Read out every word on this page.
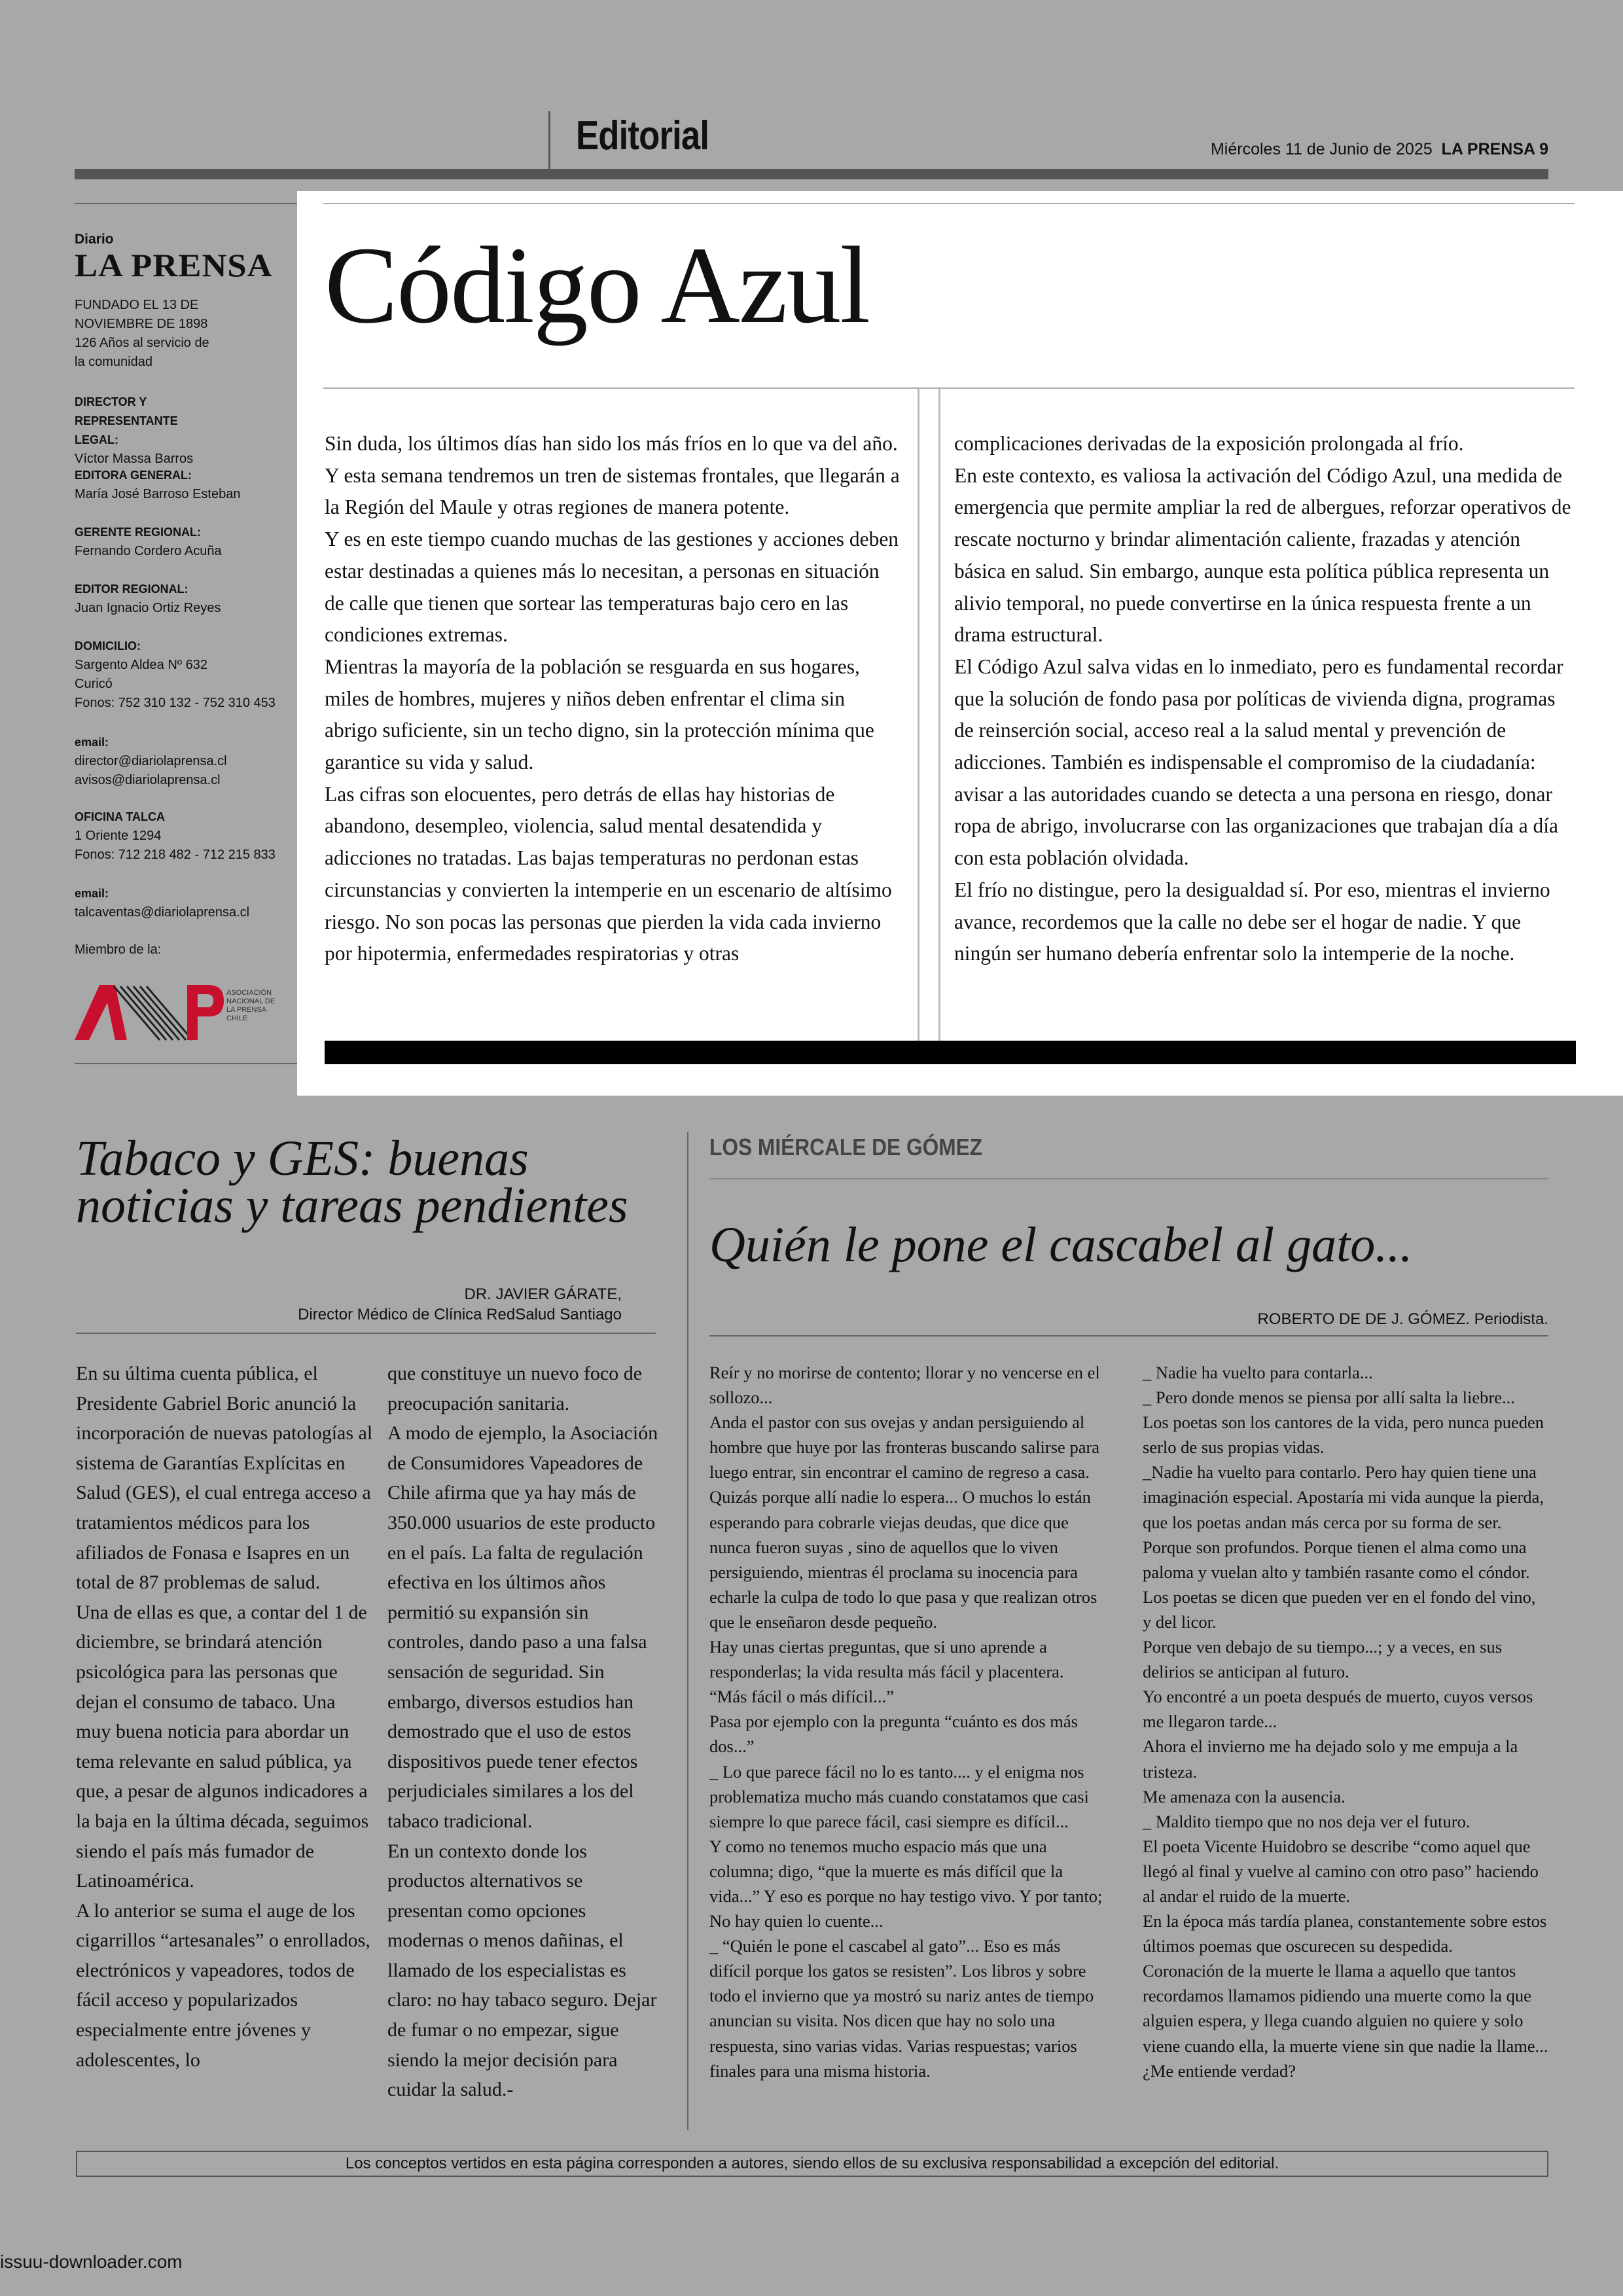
Editorial	Miércoles 11 de Junio de 2025 LA PRENSA 9
Diario
LA PRENSA
FUNDADO EL 13 DE NOVIEMBRE DE 1898 126 Años al servicio de la comunidad
DIRECTOR Y REPRESENTANTE LEGAL:
Víctor Massa Barros
EDITORA GENERAL:
María José Barroso Esteban
GERENTE REGIONAL:
Fernando Cordero Acuña
EDITOR REGIONAL:
Juan Ignacio Ortiz Reyes
DOMICILIO:
Sargento Aldea Nº 632
Curicó
Fonos: 752 310 132 - 752 310 453
email:
director@diariolaprensa.cl
avisos@diariolaprensa.cl
OFICINA TALCA
1 Oriente 1294
Fonos: 712 218 482 - 712 215 833
email:
talcaventas@diariolaprensa.cl
Miembro de la:
ASOCIACIÓN NACIONAL DE LA PRENSA CHILE
Código Azul

Sin duda, los últimos días han sido los más fríos en lo que va del año. Y esta semana tendremos un tren de sistemas frontales, que llegarán a la Región del Maule y otras regiones de manera potente.

Y es en este tiempo cuando muchas de las gestiones y acciones deben estar destinadas a quienes más lo necesitan, a personas en situación de calle que tienen que sortear las temperaturas bajo cero en las condiciones extremas.

Mientras la mayoría de la población se resguarda en sus hogares, miles de hombres, mujeres y niños deben enfrentar el clima sin abrigo suficiente, sin un techo digno, sin la protección mínima que garantice su vida y salud.

Las cifras son elocuentes, pero detrás de ellas hay historias de abandono, desempleo, violencia, salud mental desatendida y adicciones no tratadas. Las bajas temperaturas no perdonan estas circunstancias y convierten la intemperie en un escenario de altísimo riesgo. No son pocas las personas que pierden la vida cada invierno por hipotermia, enfermedades respiratorias y otras

complicaciones derivadas de la exposición prolongada al frío.

En este contexto, es valiosa la activación del Código Azul, una medida de emergencia que permite ampliar la red de albergues, reforzar operativos de rescate nocturno y brindar alimentación caliente, frazadas y atención básica en salud. Sin embargo, aunque esta política pública representa un alivio temporal, no puede convertirse en la única respuesta frente a un drama estructural.

El Código Azul salva vidas en lo inmediato, pero es fundamental recordar que la solución de fondo pasa por políticas de vivienda digna, programas de reinserción social, acceso real a la salud mental y prevención de adicciones. También es indispensable el compromiso de la ciudadanía: avisar a las autoridades cuando se detecta a una persona en riesgo, donar ropa de abrigo, involucrarse con las organizaciones que trabajan día a día con esta población olvidada.

El frío no distingue, pero la desigualdad sí. Por eso, mientras el invierno avance, recordemos que la calle no debe ser el hogar de nadie. Y que ningún ser humano debería enfrentar solo la intemperie de la noche.

Tabaco y GES: buenas noticias y tareas pendientes
DR. JAVIER GÁRATE,
Director Médico de Clínica RedSalud Santiago

En su última cuenta pública, el Presidente Gabriel Boric anunció la incorporación de nuevas patologías al sistema de Garantías Explícitas en Salud (GES), el cual entrega acceso a tratamientos médicos para los afiliados de Fonasa e Isapres en un total de 87 problemas de salud.

Una de ellas es que, a contar del 1 de diciembre, se brindará atención psicológica para las personas que dejan el consumo de tabaco. Una muy buena noticia para abordar un tema relevante en salud pública, ya que, a pesar de algunos indicadores a la baja en la última década, seguimos siendo el país más fumador de Latinoamérica.

A lo anterior se suma el auge de los cigarrillos “artesanales” o enrollados, electrónicos y vapeadores, todos de fácil acceso y popularizados especialmente entre jóvenes y adolescentes, lo

que constituye un nuevo foco de preocupación sanitaria.

A modo de ejemplo, la Asociación de Consumidores Vapeadores de Chile afirma que ya hay más de 350.000 usuarios de este producto en el país. La falta de regulación efectiva en los últimos años permitió su expansión sin controles, dando paso a una falsa sensación de seguridad. Sin embargo, diversos estudios han demostrado que el uso de estos dispositivos puede tener efectos perjudiciales similares a los del tabaco tradicional.

En un contexto donde los productos alternativos se presentan como opciones modernas o menos dañinas, el llamado de los especialistas es claro: no hay tabaco seguro. Dejar de fumar o no empezar, sigue siendo la mejor decisión para cuidar la salud.-

LOS MIÉRCALE DE GÓMEZ
Quién le pone el cascabel al gato...
ROBERTO DE DE J. GÓMEZ. Periodista.

Reír y no morirse de contento; llorar y no vencerse en el sollozo...

Anda el pastor con sus ovejas y andan persiguiendo al hombre que huye por las fronteras buscando salirse para luego entrar, sin encontrar el camino de regreso a casa.

Quizás porque allí nadie lo espera... O muchos lo están esperando para cobrarle viejas deudas, que dice que nunca fueron suyas , sino de aquellos que lo viven persiguiendo, mientras él proclama su inocencia para echarle la culpa de todo lo que pasa y que realizan otros que le enseñaron desde pequeño.

Hay unas ciertas preguntas, que si uno aprende a responderlas; la vida resulta más fácil y placentera. “Más fácil o más difícil...”

Pasa por ejemplo con la pregunta “cuánto es dos más dos...”

_ Lo que parece fácil no lo es tanto.... y el enigma nos problematiza mucho más cuando constatamos que casi siempre lo que parece fácil, casi siempre es difícil...

Y como no tenemos mucho espacio más que una columna; digo, “que la muerte es más difícil que la vida...” Y eso es porque no hay testigo vivo. Y por tanto; No hay quien lo cuente...

_ “Quién le pone el cascabel al gato”... Eso es más difícil porque los gatos se resisten”. Los libros y sobre todo el invierno que ya mostró su nariz antes de tiempo anuncian su visita. Nos dicen que hay no solo una respuesta, sino varias vidas. Varias respuestas; varios finales para una misma historia.

_ Nadie ha vuelto para contarla...

_ Pero donde menos se piensa por allí salta la liebre...

Los poetas son los cantores de la vida, pero nunca pueden serlo de sus propias vidas.

_Nadie ha vuelto para contarlo. Pero hay quien tiene una imaginación especial. Apostaría mi vida aunque la pierda, que los poetas andan más cerca por su forma de ser. Porque son profundos. Porque tienen el alma como una paloma y vuelan alto y también rasante como el cóndor.

Los poetas se dicen que pueden ver en el fondo del vino, y del licor.

Porque ven debajo de su tiempo...; y a veces, en sus delirios se anticipan al futuro.

Yo encontré a un poeta después de muerto, cuyos versos me llegaron tarde...

Ahora el invierno me ha dejado solo y me empuja a la tristeza.

Me amenaza con la ausencia.

_ Maldito tiempo que no nos deja ver el futuro.

El poeta Vicente Huidobro se describe “como aquel que llegó al final y vuelve al camino con otro paso” haciendo al andar el ruido de la muerte.

En la época más tardía planea, constantemente sobre estos últimos poemas que oscurecen su despedida.

Coronación de la muerte le llama a aquello que tantos recordamos llamamos pidiendo una muerte como la que alguien espera, y llega cuando alguien no quiere y solo viene cuando ella, la muerte viene sin que nadie la llame...

¿Me entiende verdad?

Los conceptos vertidos en esta página corresponden a autores, siendo ellos de su exclusiva responsabilidad a excepción del editorial.
issuu-downloader.com
